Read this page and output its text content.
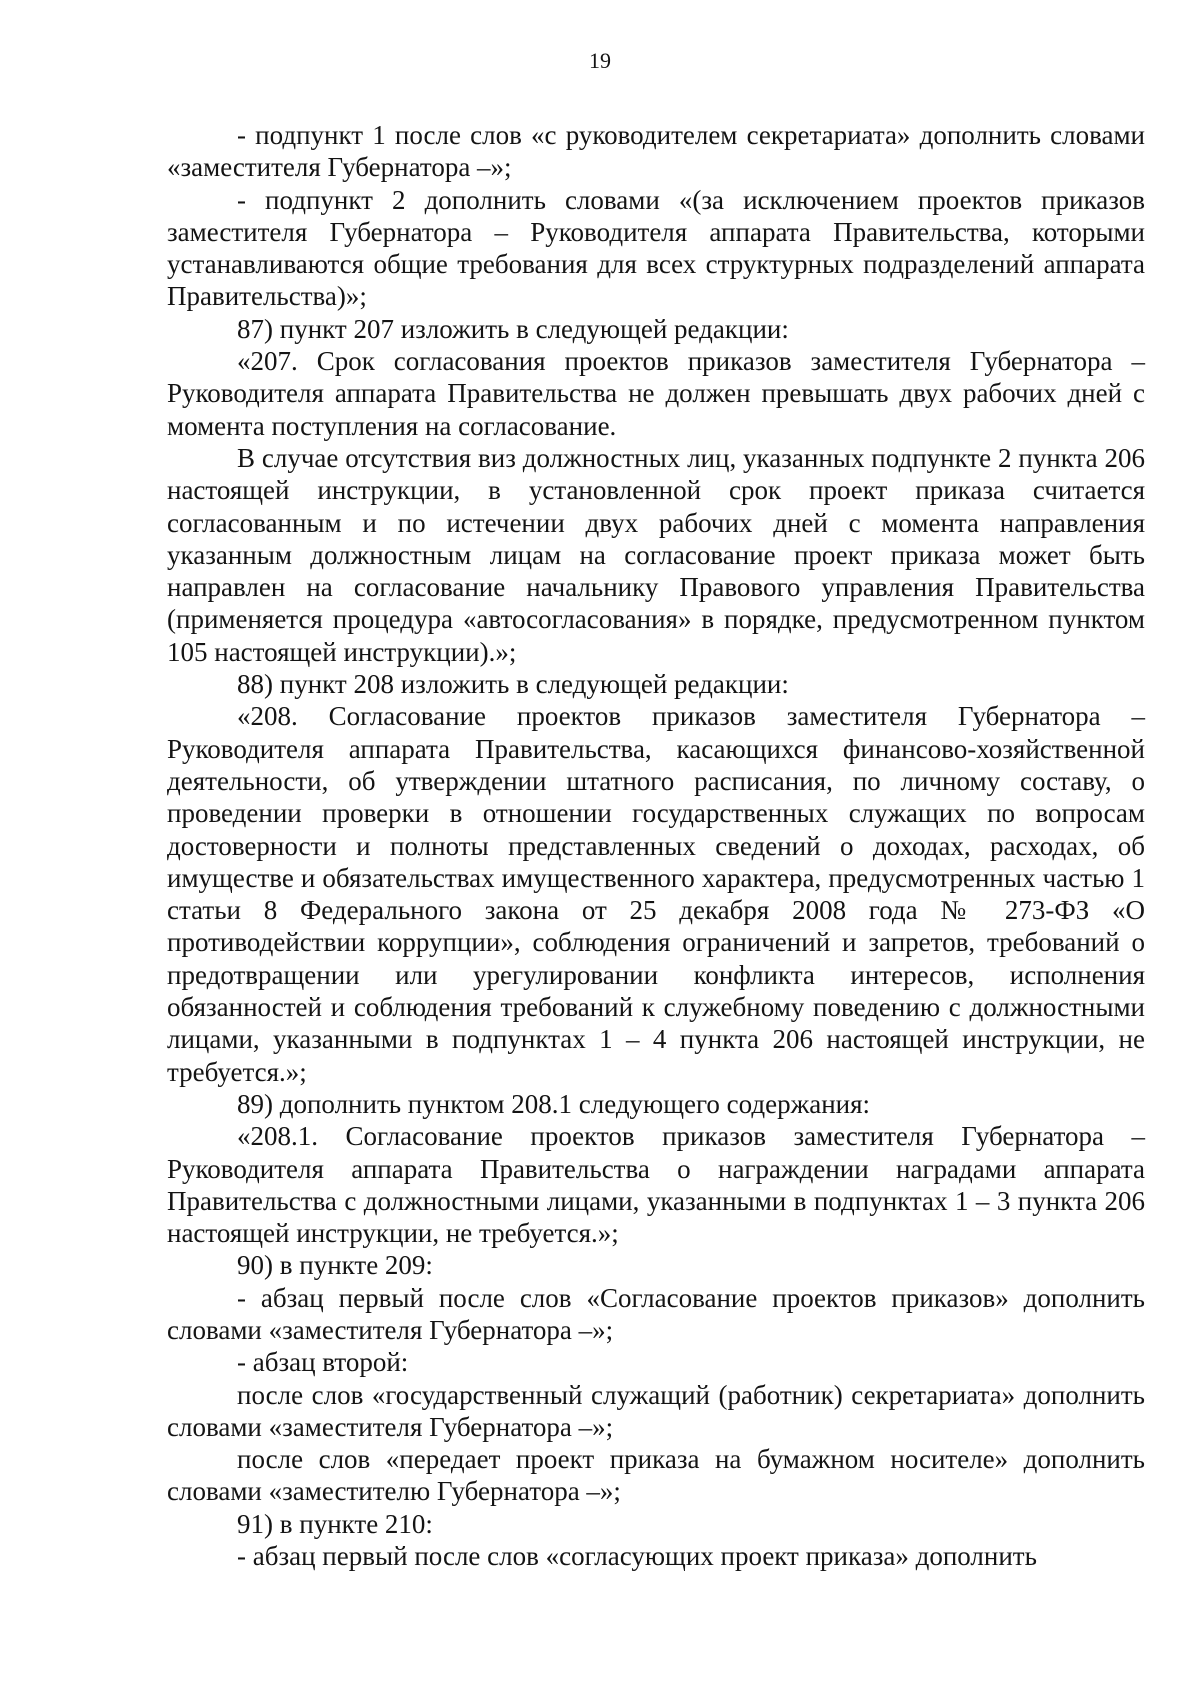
19

- подпункт 1 после слов «с руководителем секретариата» дополнить словами «заместителя Губернатора –»;

- подпункт 2 дополнить словами «(за исключением проектов приказов заместителя Губернатора – Руководителя аппарата Правительства, которыми устанавливаются общие требования для всех структурных подразделений аппарата Правительства)»;

87) пункт 207 изложить в следующей редакции:

«207. Срок согласования проектов приказов заместителя Губернатора – Руководителя аппарата Правительства не должен превышать двух рабочих дней с момента поступления на согласование.

В случае отсутствия виз должностных лиц, указанных подпункте 2 пункта 206 настоящей инструкции, в установленной срок проект приказа считается согласованным и по истечении двух рабочих дней с момента направления указанным должностным лицам на согласование проект приказа может быть направлен на согласование начальнику Правового управления Правительства (применяется процедура «автосогласования» в порядке, предусмотренном пунктом 105 настоящей инструкции).»;

88) пункт 208 изложить в следующей редакции:

«208. Согласование проектов приказов заместителя Губернатора – Руководителя аппарата Правительства, касающихся финансово-хозяйственной деятельности, об утверждении штатного расписания, по личному составу, о проведении проверки в отношении государственных служащих по вопросам достоверности и полноты представленных сведений о доходах, расходах, об имуществе и обязательствах имущественного характера, предусмотренных частью 1 статьи 8 Федерального закона от 25 декабря 2008 года № 273-ФЗ «О противодействии коррупции», соблюдения ограничений и запретов, требований о предотвращении или урегулировании конфликта интересов, исполнения обязанностей и соблюдения требований к служебному поведению с должностными лицами, указанными в подпунктах 1 – 4 пункта 206 настоящей инструкции, не требуется.»;

89) дополнить пунктом 208.1 следующего содержания:

«208.1. Согласование проектов приказов заместителя Губернатора – Руководителя аппарата Правительства о награждении наградами аппарата Правительства с должностными лицами, указанными в подпунктах 1 – 3 пункта 206 настоящей инструкции, не требуется.»;

90) в пункте 209:

- абзац первый после слов «Согласование проектов приказов» дополнить словами «заместителя Губернатора –»;

- абзац второй:

после слов «государственный служащий (работник) секретариата» дополнить словами «заместителя Губернатора –»;

после слов «передает проект приказа на бумажном носителе» дополнить словами «заместителю Губернатора –»;

91) в пункте 210:

- абзац первый после слов «согласующих проект приказа» дополнить
